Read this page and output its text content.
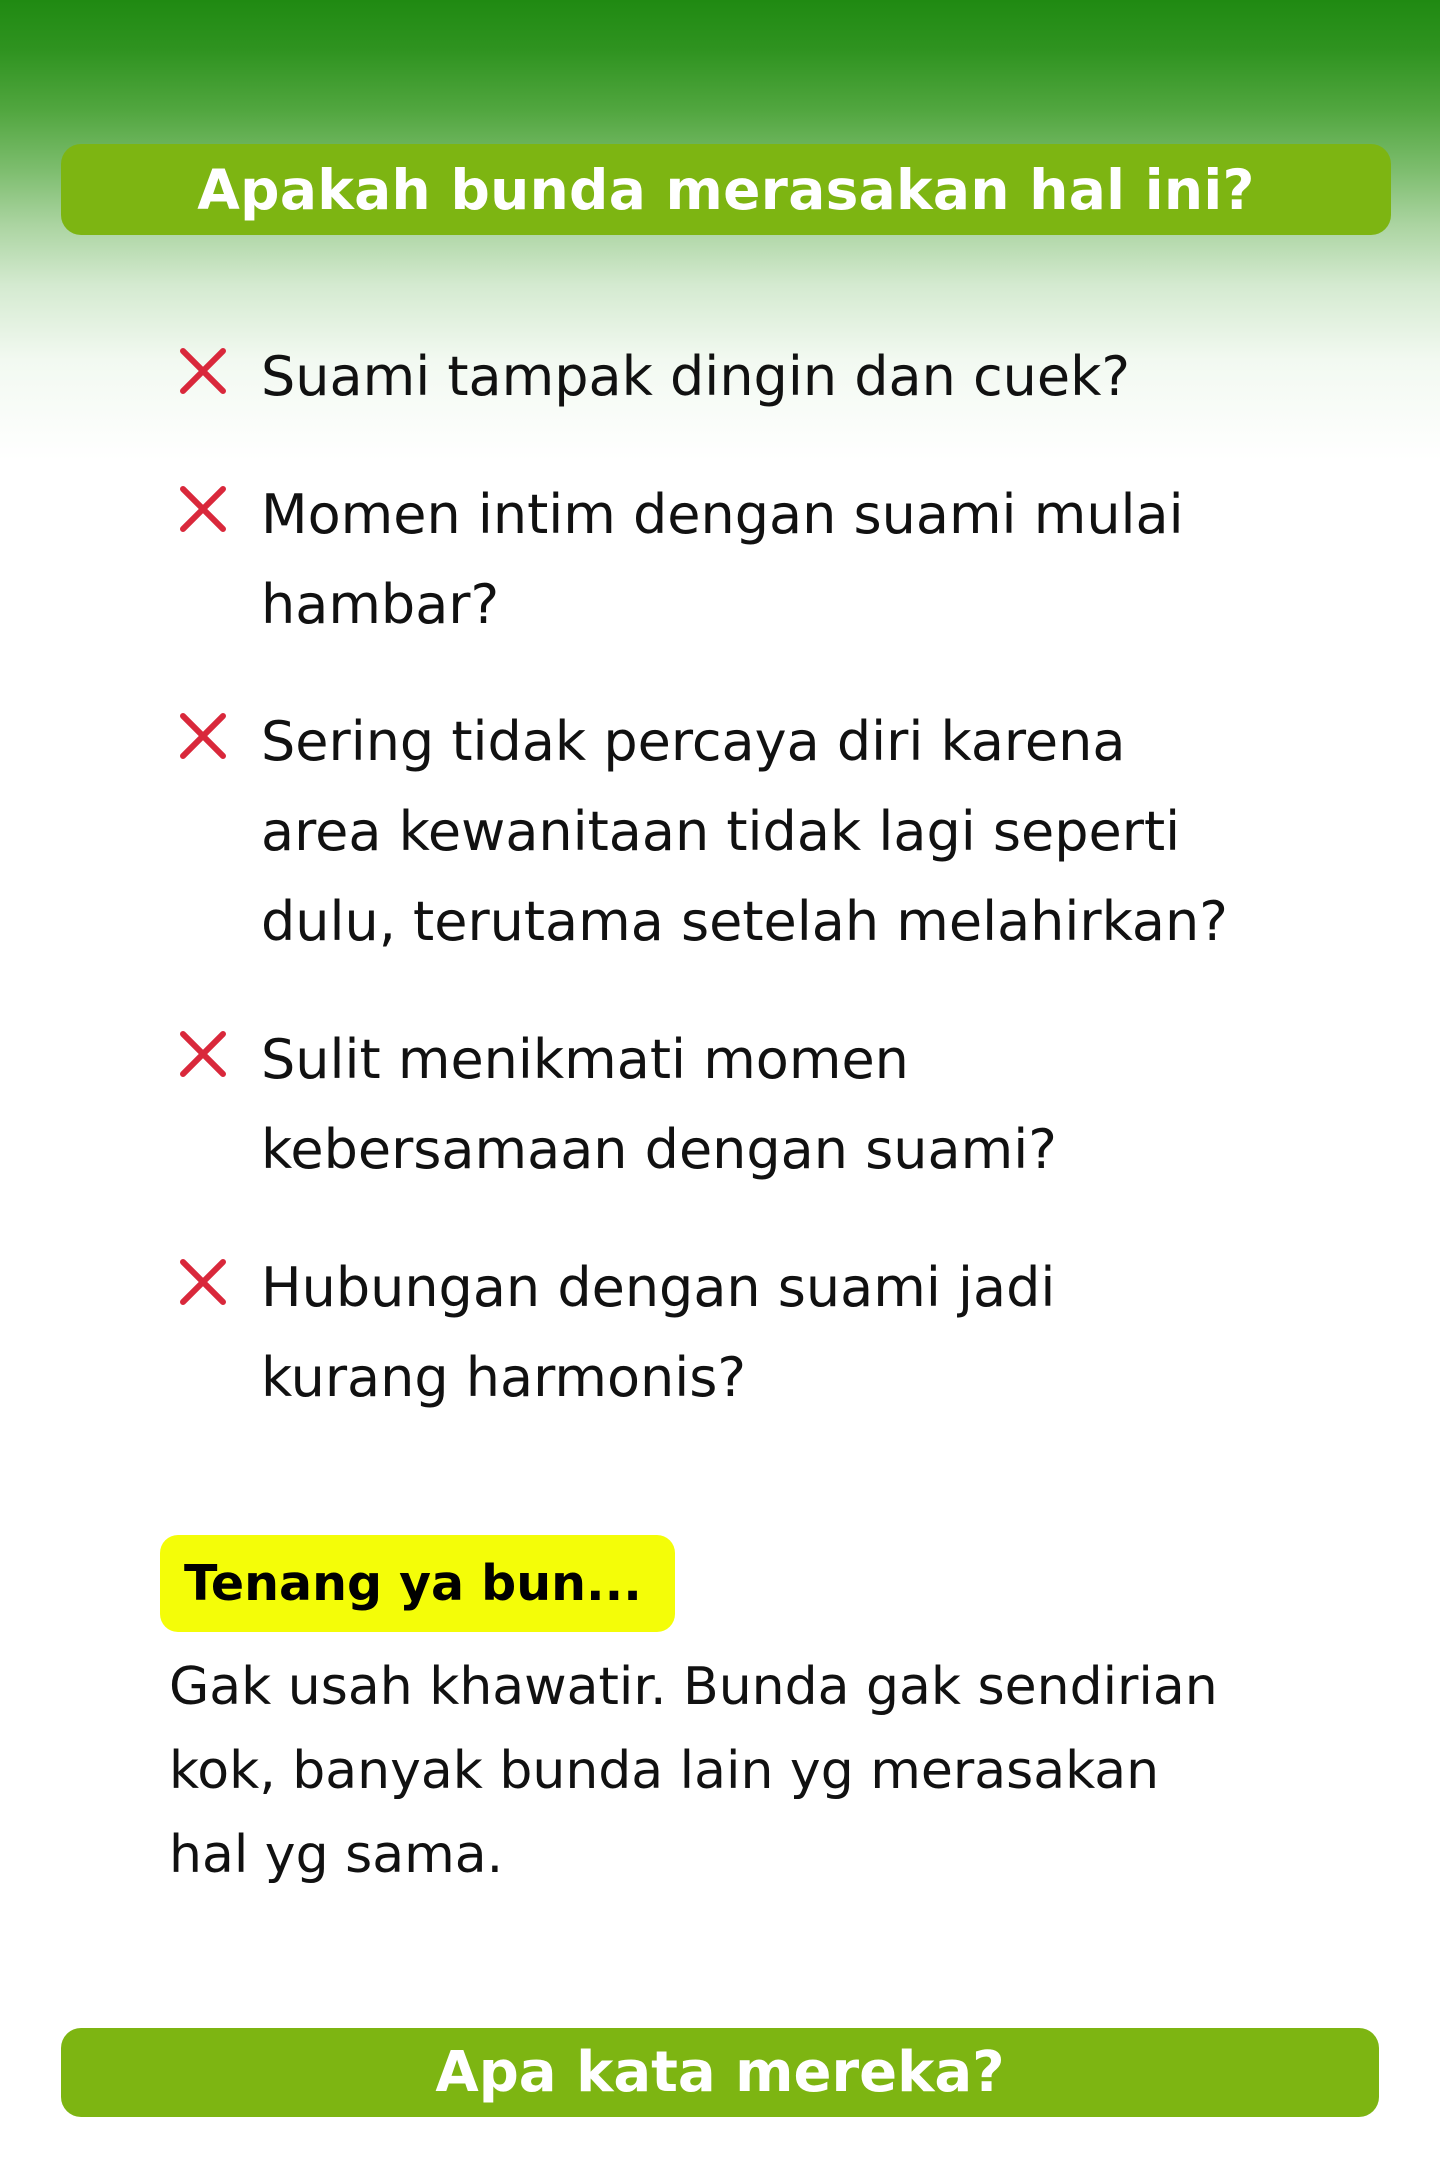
Apakah bunda merasakan hal ini?
Suami tampak dingin dan cuek?
Momen intim dengan suami mulai
hambar?
Sering tidak percaya diri karena
area kewanitaan tidak lagi seperti
dulu, terutama setelah melahirkan?
Sulit menikmati momen
kebersamaan dengan suami?
Hubungan dengan suami jadi
kurang harmonis?
Tenang ya bun...
Gak usah khawatir. Bunda gak sendirian
kok, banyak bunda lain yg merasakan
hal yg sama.
Apa kata mereka?
